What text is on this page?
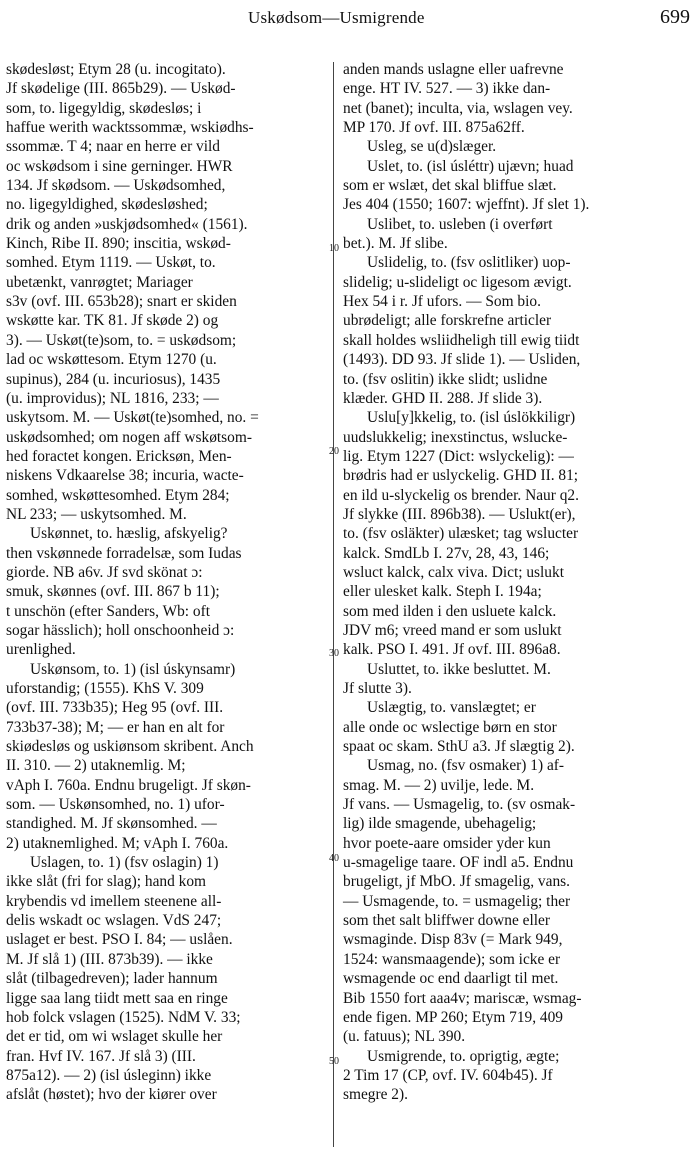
Uskødsom—Usmigrende	699
10
20
30
40
50
skødesløst; Etym 28 (u. incogitato).
Jf skødelige (III. 865b29). — Uskød-
som, to. ligegyldig, skødesløs; i
haffue werith wacktssommæ, wskiødhs-
ssommæ. T 4; naar en herre er vild
oc wskødsom i sine gerninger. HWR
134. Jf skødsom. — Uskødsomhed,
no. ligegyldighed, skødesløshed;
drik og anden »uskjødsomhed« (1561).
Kinch, Ribe II. 890; inscitia, wskød-
somhed. Etym 1119. — Uskøt, to.
ubetænkt, vanrøgtet; Mariager
s3v (ovf. III. 653b28); snart er skiden
wskøtte kar. TK 81. Jf skøde 2) og
3). — Uskøt(te)som, to. = uskødsom;
lad oc wskøttesom. Etym 1270 (u.
supinus), 284 (u. incuriosus), 1435
(u. improvidus); NL 1816, 233; —
uskytsom. M. — Uskøt(te)somhed, no. =
uskødsomhed; om nogen aff wskøtsom-
hed foractet kongen. Ericksøn, Men-
niskens Vdkaarelse 38; incuria, wacte-
somhed, wskøttesomhed. Etym 284;
NL 233; — uskytsomhed. M.
Uskønnet, to. hæslig, afskyelig?
then vskønnede forradelsæ, som Iudas
giorde. NB a6v. Jf svd skönat ɔ:
smuk, skønnes (ovf. III. 867 b 11);
t unschön (efter Sanders, Wb: oft
sogar hässlich); holl onschoonheid ɔ:
urenlighed.
Uskønsom, to. 1) (isl úskynsamr)
uforstandig; (1555). KhS V. 309
(ovf. III. 733b35); Heg 95 (ovf. III.
733b37-38); M; — er han en alt for
skiødesløs og uskiønsom skribent. Anch
II. 310. — 2) utaknemlig. M;
vAph I. 760a. Endnu brugeligt. Jf skøn-
som. — Uskønsomhed, no. 1) ufor-
standighed. M. Jf skønsomhed. —
2) utaknemlighed. M; vAph I. 760a.
Uslagen, to. 1) (fsv oslagin) 1)
ikke slåt (fri for slag); hand kom
krybendis vd imellem steenene all-
delis wskadt oc wslagen. VdS 247;
uslaget er best. PSO I. 84; — uslåen.
M. Jf slå 1) (III. 873b39). — ikke
slåt (tilbagedreven); lader hannum
ligge saa lang tiidt mett saa en ringe
hob folck vslagen (1525). NdM V. 33;
det er tid, om wi wslaget skulle her
fran. Hvf IV. 167. Jf slå 3) (III.
875a12). — 2) (isl úsleginn) ikke
afslåt (høstet); hvo der kiører over
anden mands uslagne eller uafrevne
enge. HT IV. 527. — 3) ikke dan-
net (banet); inculta, via, wslagen vey.
MP 170. Jf ovf. III. 875a62ff.
Usleg, se u(d)slæger.
Uslet, to. (isl úsléttr) ujævn; huad
som er wslæt, det skal bliffue slæt.
Jes 404 (1550; 1607: wjeffnt). Jf slet 1).
Uslibet, to. usleben (i overført
bet.). M. Jf slibe.
Uslidelig, to. (fsv oslitliker) uop-
slidelig; u-slideligt oc ligesom ævigt.
Hex 54 i r. Jf ufors. — Som bio.
ubrødeligt; alle forskrefne articler
skall holdes wsliidheligh till ewig tiidt
(1493). DD 93. Jf slide 1). — Usliden,
to. (fsv oslitin) ikke slidt; uslidne
klæder. GHD II. 288. Jf slide 3).
Uslu[y]kkelig, to. (isl úslökkiligr)
uudslukkelig; inexstinctus, wslucke-
lig. Etym 1227 (Dict: wslyckelig): —
brødris had er uslyckelig. GHD II. 81;
en ild u-slyckelig os brender. Naur q2.
Jf slykke (III. 896b38). — Uslukt(er),
to. (fsv osläkter) ulæsket; tag wslucter
kalck. SmdLb I. 27v, 28, 43, 146;
wsluct kalck, calx viva. Dict; uslukt
eller ulesket kalk. Steph I. 194a;
som med ilden i den usluete kalck.
JDV m6; vreed mand er som uslukt
kalk. PSO I. 491. Jf ovf. III. 896a8.
Usluttet, to. ikke besluttet. M.
Jf slutte 3).
Uslægtig, to. vanslægtet; er
alle onde oc wslectige børn en stor
spaat oc skam. SthU a3. Jf slægtig 2).
Usmag, no. (fsv osmaker) 1) af-
smag. M. — 2) uvilje, lede. M.
Jf vans. — Usmagelig, to. (sv osmak-
lig) ilde smagende, ubehagelig;
hvor poete-aare omsider yder kun
u-smagelige taare. OF indl a5. Endnu
brugeligt, jf MbO. Jf smagelig, vans.
— Usmagende, to. = usmagelig; ther
som thet salt bliffwer downe eller
wsmaginde. Disp 83v (= Mark 949,
1524: wansmaagende); som icke er
wsmagende oc end daarligt til met.
Bib 1550 fort aaa4v; mariscæ, wsmag-
ende figen. MP 260; Etym 719, 409
(u. fatuus); NL 390.
Usmigrende, to. oprigtig, ægte;
2 Tim 17 (CP, ovf. IV. 604b45). Jf
smegre 2).
